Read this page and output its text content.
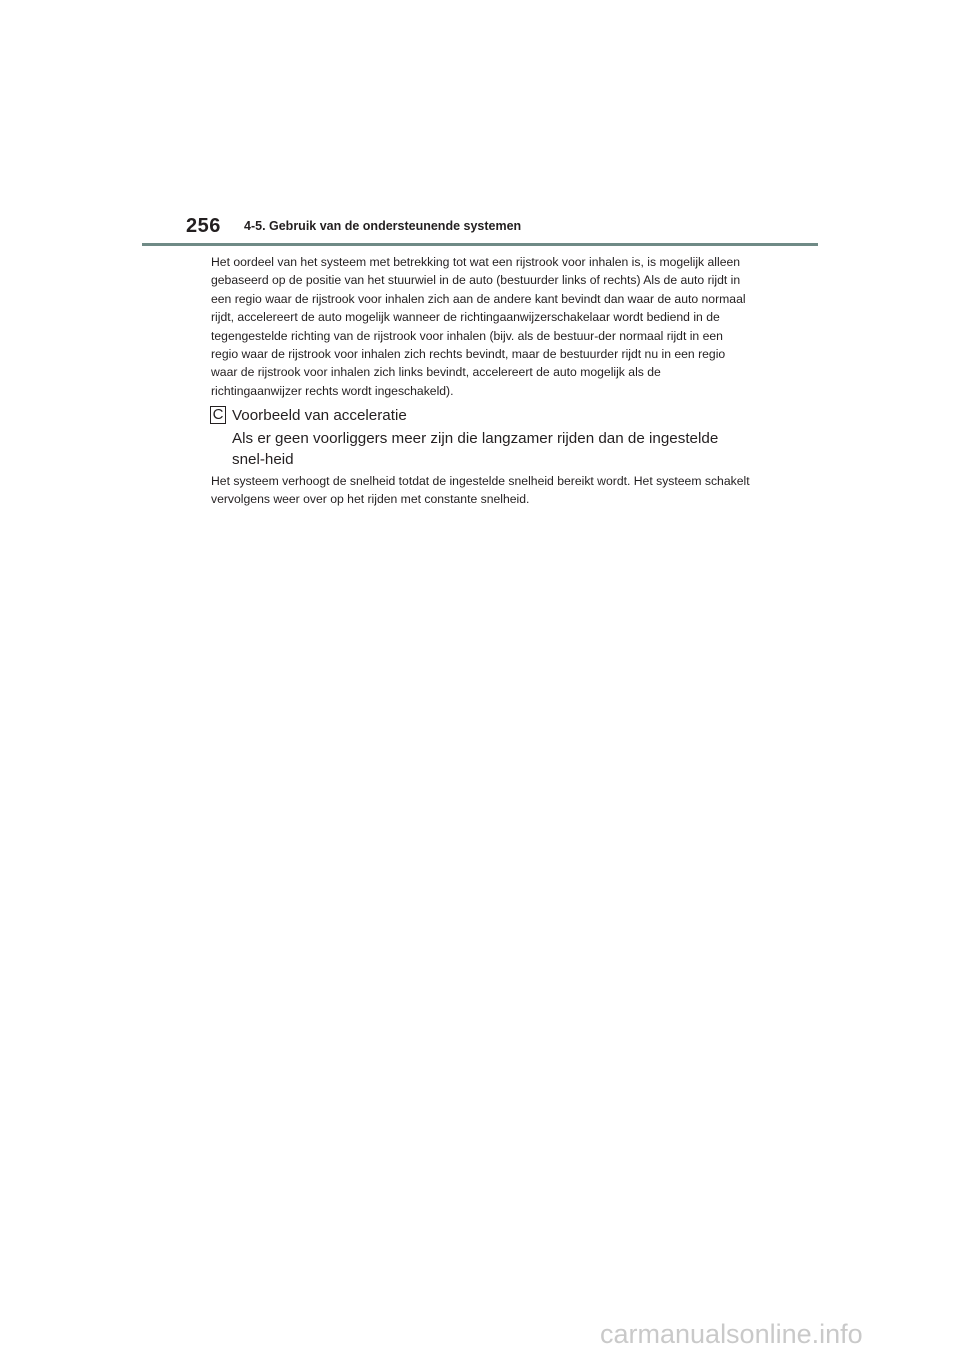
256 4-5. Gebruik van de ondersteunende systemen

Het oordeel van het systeem met betrekking tot wat een rijstrook voor inhalen is, is mogelijk alleen gebaseerd op de positie van het stuurwiel in de auto (bestuurder links of rechts) Als de auto rijdt in een regio waar de rijstrook voor inhalen zich aan de andere kant bevindt dan waar de auto normaal rijdt, accelereert de auto mogelijk wanneer de richtingaanwijzerschakelaar wordt bediend in de tegengestelde richting van de rijstrook voor inhalen (bijv. als de bestuur-der normaal rijdt in een regio waar de rijstrook voor inhalen zich rechts bevindt, maar de bestuurder rijdt nu in een regio waar de rijstrook voor inhalen zich links bevindt, accelereert de auto mogelijk als de richtingaanwijzer rechts wordt ingeschakeld).

C Voorbeeld van acceleratie

Als er geen voorliggers meer zijn die langzamer rijden dan de ingestelde snel-heid

Het systeem verhoogt de snelheid totdat de ingestelde snelheid bereikt wordt. Het systeem schakelt vervolgens weer over op het rijden met constante snelheid.

carmanualsonline.info
